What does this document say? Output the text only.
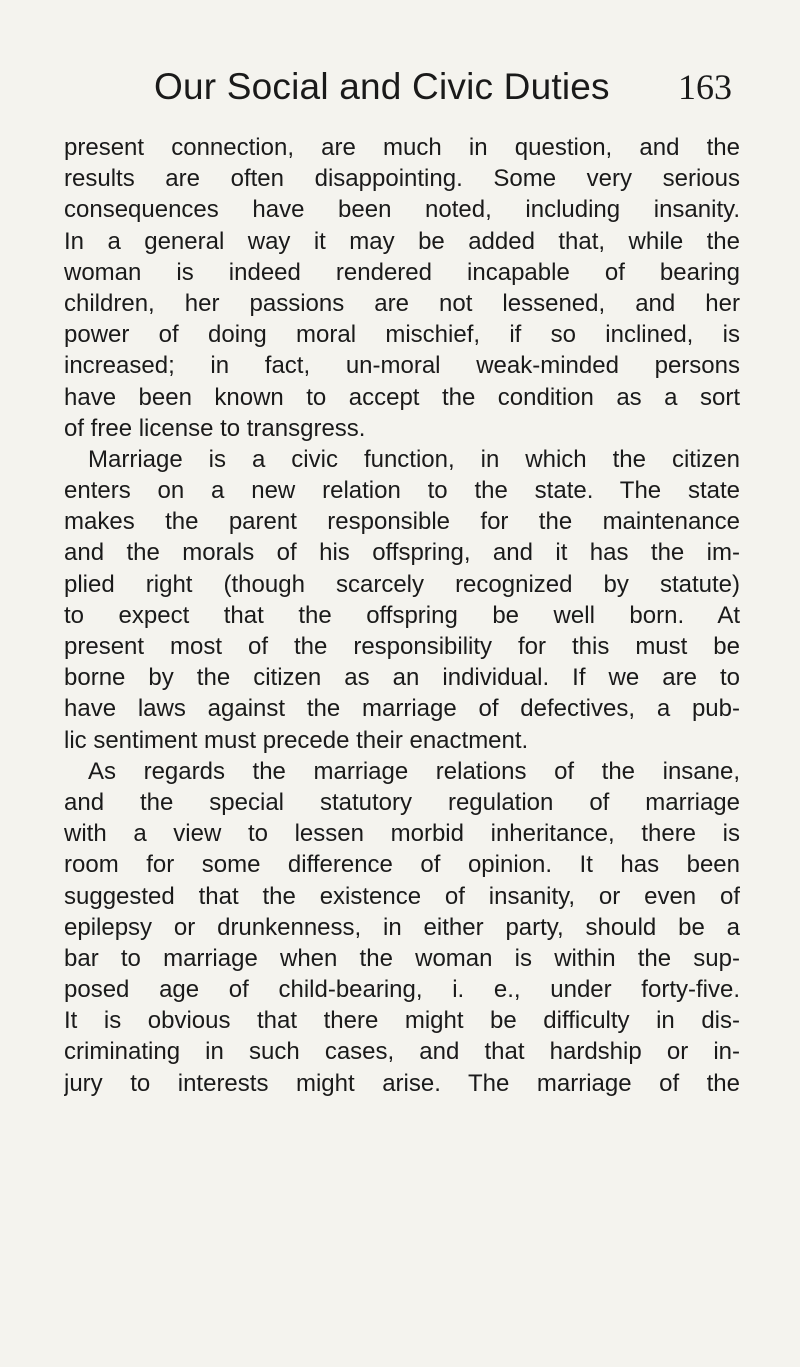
Our Social and Civic Duties 163
present connection, are much in question, and the
results are often disappointing. Some very serious
consequences have been noted, including insanity.
In a general way it may be added that, while the
woman is indeed rendered incapable of bearing
children, her passions are not lessened, and her
power of doing moral mischief, if so inclined, is
increased; in fact, un-moral weak-minded persons
have been known to accept the condition as a sort
of free license to transgress.
Marriage is a civic function, in which the citizen
enters on a new relation to the state. The state
makes the parent responsible for the maintenance
and the morals of his offspring, and it has the im-
plied right (though scarcely recognized by statute)
to expect that the offspring be well born. At
present most of the responsibility for this must be
borne by the citizen as an individual. If we are to
have laws against the marriage of defectives, a pub-
lic sentiment must precede their enactment.
As regards the marriage relations of the insane,
and the special statutory regulation of marriage
with a view to lessen morbid inheritance, there is
room for some difference of opinion. It has been
suggested that the existence of insanity, or even of
epilepsy or drunkenness, in either party, should be a
bar to marriage when the woman is within the sup-
posed age of child-bearing, i. e., under forty-five.
It is obvious that there might be difficulty in dis-
criminating in such cases, and that hardship or in-
jury to interests might arise. The marriage of the
